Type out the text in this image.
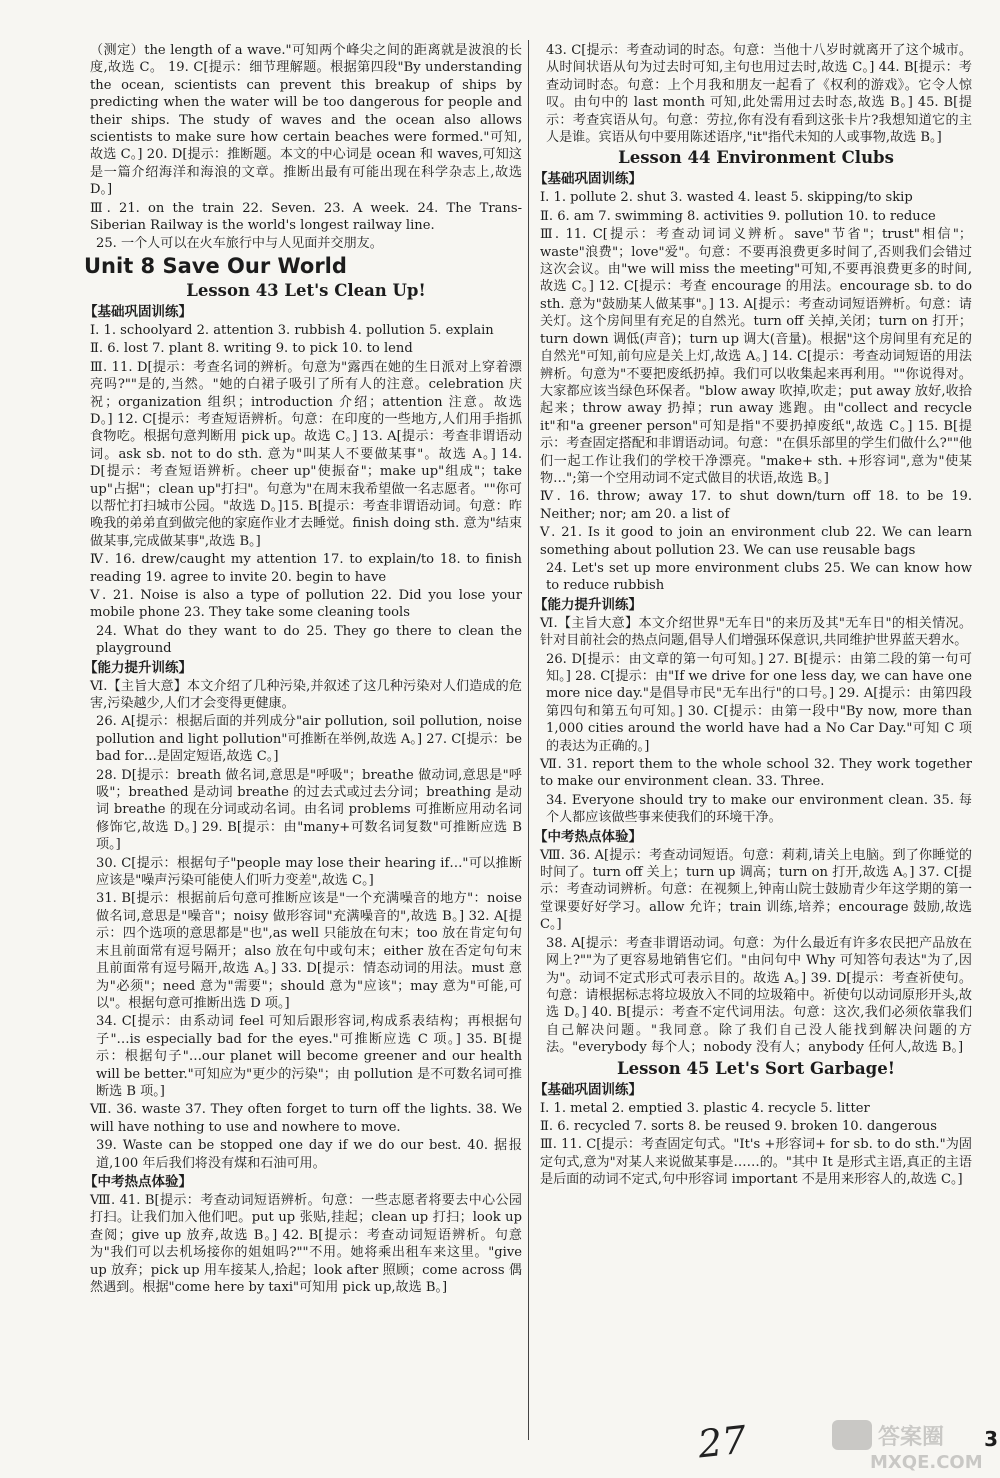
（测定）the length of a wave."可知两个峰尖之间的距离就是波浪的长度,故选 C。 19. C[提示：细节理解题。根据第四段"By understanding the ocean, scientists can prevent this breakup of ships by predicting when the water will be too dangerous for people and their ships. The study of waves and the ocean also allows scientists to make sure how certain beaches were formed."可知,故选 C。] 20. D[提示：推断题。本文的中心词是 ocean 和 waves,可知这是一篇介绍海洋和海浪的文章。推断出最有可能出现在科学杂志上,故选 D。]

Ⅲ. 21. on the train 22. Seven. 23. A week. 24. The Trans-Siberian Railway is the world's longest railway line.

25. 一个人可以在火车旅行中与人见面并交朋友。

Unit 8 Save Our World
Lesson 43 Let's Clean Up!
【基础巩固训练】

Ⅰ. 1. schoolyard 2. attention 3. rubbish 4. pollution 5. explain

Ⅱ. 6. lost 7. plant 8. writing 9. to pick 10. to lend

Ⅲ. 11. D[提示：考查名词的辨析。句意为"露西在她的生日派对上穿着漂亮吗?""是的,当然。"她的白裙子吸引了所有人的注意。celebration 庆祝；organization 组织；introduction 介绍；attention 注意。故选 D。] 12. C[提示：考查短语辨析。句意：在印度的一些地方,人们用手指抓食物吃。根据句意判断用 pick up。故选 C。] 13. A[提示：考查非谓语动词。ask sb. not to do sth. 意为"叫某人不要做某事"。故选 A。] 14. D[提示：考查短语辨析。cheer up"使振奋"；make up"组成"；take up"占据"；clean up"打扫"。句意为"在周末我希望做一名志愿者。""你可以帮忙打扫城市公园。"故选 D。]15. B[提示：考查非谓语动词。句意：昨晚我的弟弟直到做完他的家庭作业才去睡觉。finish doing sth. 意为"结束做某事,完成做某事",故选 B。]

Ⅳ. 16. drew/caught my attention 17. to explain/to 18. to finish reading 19. agree to invite 20. begin to have

Ⅴ. 21. Noise is also a type of pollution 22. Did you lose your mobile phone 23. They take some cleaning tools

24. What do they want to do 25. They go there to clean the playground

【能力提升训练】

Ⅵ.【主旨大意】本文介绍了几种污染,并叙述了这几种污染对人们造成的危害,污染越少,人们才会变得更健康。

26. A[提示：根据后面的并列成分"air pollution, soil pollution, noise pollution and light pollution"可推断在举例,故选 A。] 27. C[提示：be bad for…是固定短语,故选 C。]

28. D[提示：breath 做名词,意思是"呼吸"；breathe 做动词,意思是"呼吸"；breathed 是动词 breathe 的过去式或过去分词；breathing 是动词 breathe 的现在分词或动名词。由名词 problems 可推断应用动名词修饰它,故选 D。] 29. B[提示：由"many+可数名词复数"可推断应选 B 项。]

30. C[提示：根据句子"people may lose their hearing if…"可以推断应该是"噪声污染可能使人们听力变差",故选 C。]

31. B[提示：根据前后句意可推断应该是"一个充满噪音的地方"：noise 做名词,意思是"噪音"；noisy 做形容词"充满噪音的",故选 B。] 32. A[提示：四个选项的意思都是"也",as well 只能放在句末；too 放在肯定句句末且前面常有逗号隔开；also 放在句中或句末；either 放在否定句句末且前面常有逗号隔开,故选 A。] 33. D[提示：情态动词的用法。must 意为"必须"；need 意为"需要"；should 意为"应该"；may 意为"可能,可以"。根据句意可推断出选 D 项。]

34. C[提示：由系动词 feel 可知后跟形容词,构成系表结构；再根据句子"…is especially bad for the eyes."可推断应选 C 项。] 35. B[提示：根据句子"…our planet will become greener and our health will be better."可知应为"更少的污染"；由 pollution 是不可数名词可推断选 B 项。]

Ⅶ. 36. waste 37. They often forget to turn off the lights. 38. We will have nothing to use and nowhere to move.

39. Waste can be stopped one day if we do our best. 40. 据报道,100 年后我们将没有煤和石油可用。

【中考热点体验】

Ⅷ. 41. B[提示：考查动词短语辨析。句意：一些志愿者将要去中心公园打扫。让我们加入他们吧。put up 张贴,挂起；clean up 打扫；look up 查阅；give up 放弃,故选 B。] 42. B[提示：考查动词短语辨析。句意为"我们可以去机场接你的姐姐吗?""不用。她将乘出租车来这里。"give up 放弃；pick up 用车接某人,拾起；look after 照顾；come across 偶然遇到。根据"come here by taxi"可知用 pick up,故选 B。]

43. C[提示：考查动词的时态。句意：当他十八岁时就离开了这个城市。从时间状语从句为过去时可知,主句也用过去时,故选 C。] 44. B[提示：考查动词时态。句意：上个月我和朋友一起看了《权利的游戏》。它令人惊叹。由句中的 last month 可知,此处需用过去时态,故选 B。] 45. B[提示：考查宾语从句。句意：劳拉,你有没有看到这张卡片?我想知道它的主人是谁。宾语从句中要用陈述语序,"it"指代未知的人或事物,故选 B。]

Lesson 44 Environment Clubs
【基础巩固训练】

Ⅰ. 1. pollute 2. shut 3. wasted 4. least 5. skipping/to skip

Ⅱ. 6. am 7. swimming 8. activities 9. pollution 10. to reduce

Ⅲ. 11. C[提示：考查动词词义辨析。save"节省"；trust"相信"；waste"浪费"；love"爱"。句意：不要再浪费更多时间了,否则我们会错过这次会议。由"we will miss the meeting"可知,不要再浪费更多的时间,故选 C。] 12. C[提示：考查 encourage 的用法。encourage sb. to do sth. 意为"鼓励某人做某事"。] 13. A[提示：考查动词短语辨析。句意：请关灯。这个房间里有充足的自然光。turn off 关掉,关闭；turn on 打开；turn down 调低(声音)；turn up 调大(音量)。根据"这个房间里有充足的自然光"可知,前句应是关上灯,故选 A。] 14. C[提示：考查动词短语的用法辨析。句意为"不要把废纸扔掉。我们可以收集起来再利用。""你说得对。大家都应该当绿色环保者。"blow away 吹掉,吹走；put away 放好,收拾起来；throw away 扔掉；run away 逃跑。由"collect and recycle it"和"a greener person"可知是指"不要扔掉废纸",故选 C。] 15. B[提示：考查固定搭配和非谓语动词。句意："在俱乐部里的学生们做什么?""他们一起工作让我们的学校干净漂亮。"make+ sth. +形容词",意为"使某物…";第一个空用动词不定式做目的状语,故选 B。]

Ⅳ. 16. throw; away 17. to shut down/turn off 18. to be 19. Neither; nor; am 20. a list of

Ⅴ. 21. Is it good to join an environment club 22. We can learn something about pollution 23. We can use reusable bags

24. Let's set up more environment clubs 25. We can know how to reduce rubbish

【能力提升训练】

Ⅵ.【主旨大意】本文介绍世界"无车日"的来历及其"无车日"的相关情况。针对目前社会的热点问题,倡导人们增强环保意识,共同维护世界蓝天碧水。

26. D[提示：由文章的第一句可知。] 27. B[提示：由第二段的第一句可知。] 28. C[提示：由"If we drive for one less day, we can have one more nice day."是倡导市民"无车出行"的口号。] 29. A[提示：由第四段第四句和第五句可知。] 30. C[提示：由第一段中"By now, more than 1,000 cities around the world have had a No Car Day."可知 C 项的表达为正确的。]

Ⅶ. 31. report them to the whole school 32. They work together to make our environment clean. 33. Three.

34. Everyone should try to make our environment clean. 35. 每个人都应该做些事来使我们的环境干净。

【中考热点体验】

Ⅷ. 36. A[提示：考查动词短语。句意：莉莉,请关上电脑。到了你睡觉的时间了。turn off 关上；turn up 调高；turn on 打开,故选 A。] 37. C[提示：考查动词辨析。句意：在视频上,钟南山院士鼓励青少年这学期的第一堂课要好好学习。allow 允许；train 训练,培养；encourage 鼓励,故选 C。]

38. A[提示：考查非谓语动词。句意：为什么最近有许多农民把产品放在网上?""为了更容易地销售它们。"由问句中 Why 可知答句表达"为了,因为"。动词不定式形式可表示目的。故选 A。] 39. D[提示：考查祈使句。句意：请根据标志将垃圾放入不同的垃圾箱中。祈使句以动词原形开头,故选 D。] 40. B[提示：考查不定代词用法。句意：这次,我们必须依靠我们自己解决问题。"我同意。除了我们自己没人能找到解决问题的方法。"everybody 每个人；nobody 没有人；anybody 任何人,故选 B。]

Lesson 45 Let's Sort Garbage!
【基础巩固训练】

Ⅰ. 1. metal 2. emptied 3. plastic 4. recycle 5. litter

Ⅱ. 6. recycled 7. sorts 8. be reused 9. broken 10. dangerous

Ⅲ. 11. C[提示：考查固定句式。"It's +形容词+ for sb. to do sth."为固定句式,意为"对某人来说做某事是……的。"其中 It 是形式主语,真正的主语是后面的动词不定式,句中形容词 important 不是用来形容人的,故选 C。]

27	答案圈
MXQE.COM
3
